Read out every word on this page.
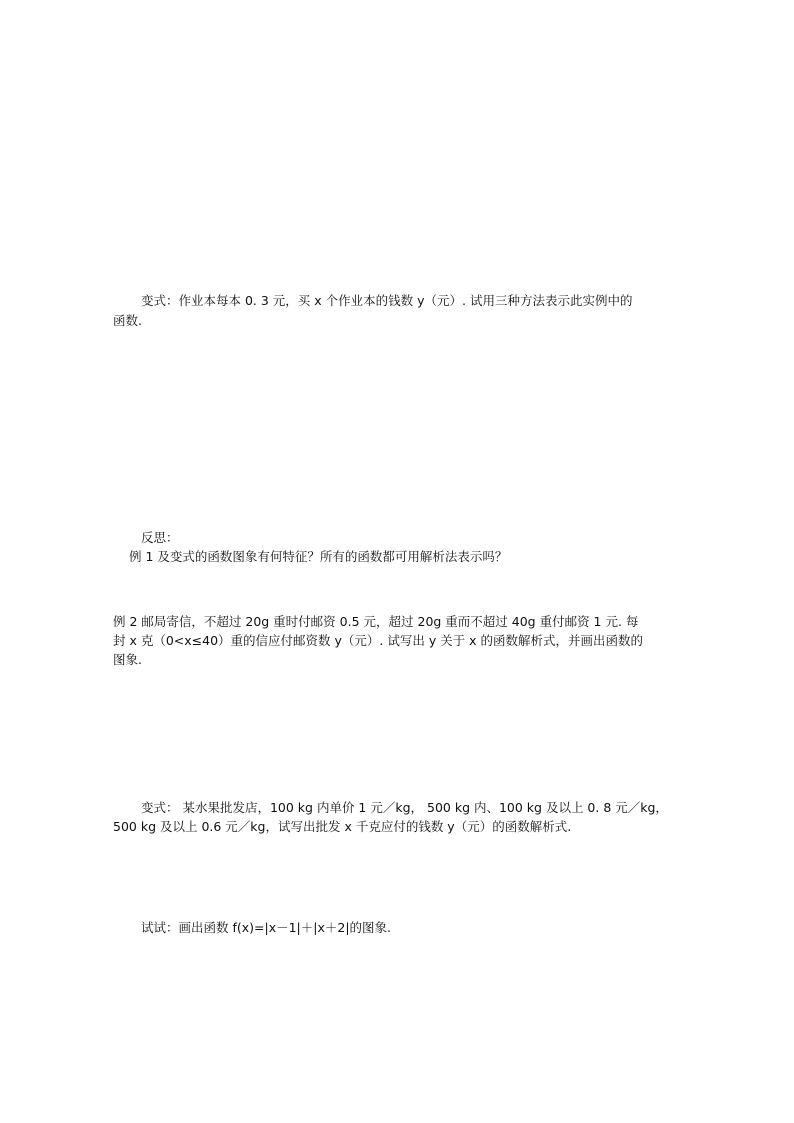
变式：作业本每本 0. 3 元，买 x 个作业本的钱数 y（元）. 试用三种方法表示此实例中的
函数.
反思：
例 1 及变式的函数图象有何特征？所有的函数都可用解析法表示吗？
例 2 邮局寄信，不超过 20g 重时付邮资 0.5 元，超过 20g 重而不超过 40g 重付邮资 1 元. 每
封 x 克（0<x≤40）重的信应付邮资数 y（元）. 试写出 y 关于 x 的函数解析式，并画出函数的
图象.
变式： 某水果批发店，100 kg 内单价 1 元／kg， 500 kg 内、100 kg 及以上 0. 8 元／kg，
500 kg 及以上 0.6 元／kg，试写出批发 x 千克应付的钱数 y（元）的函数解析式.
试试：画出函数 f(x)=|x－1|＋|x＋2|的图象.
